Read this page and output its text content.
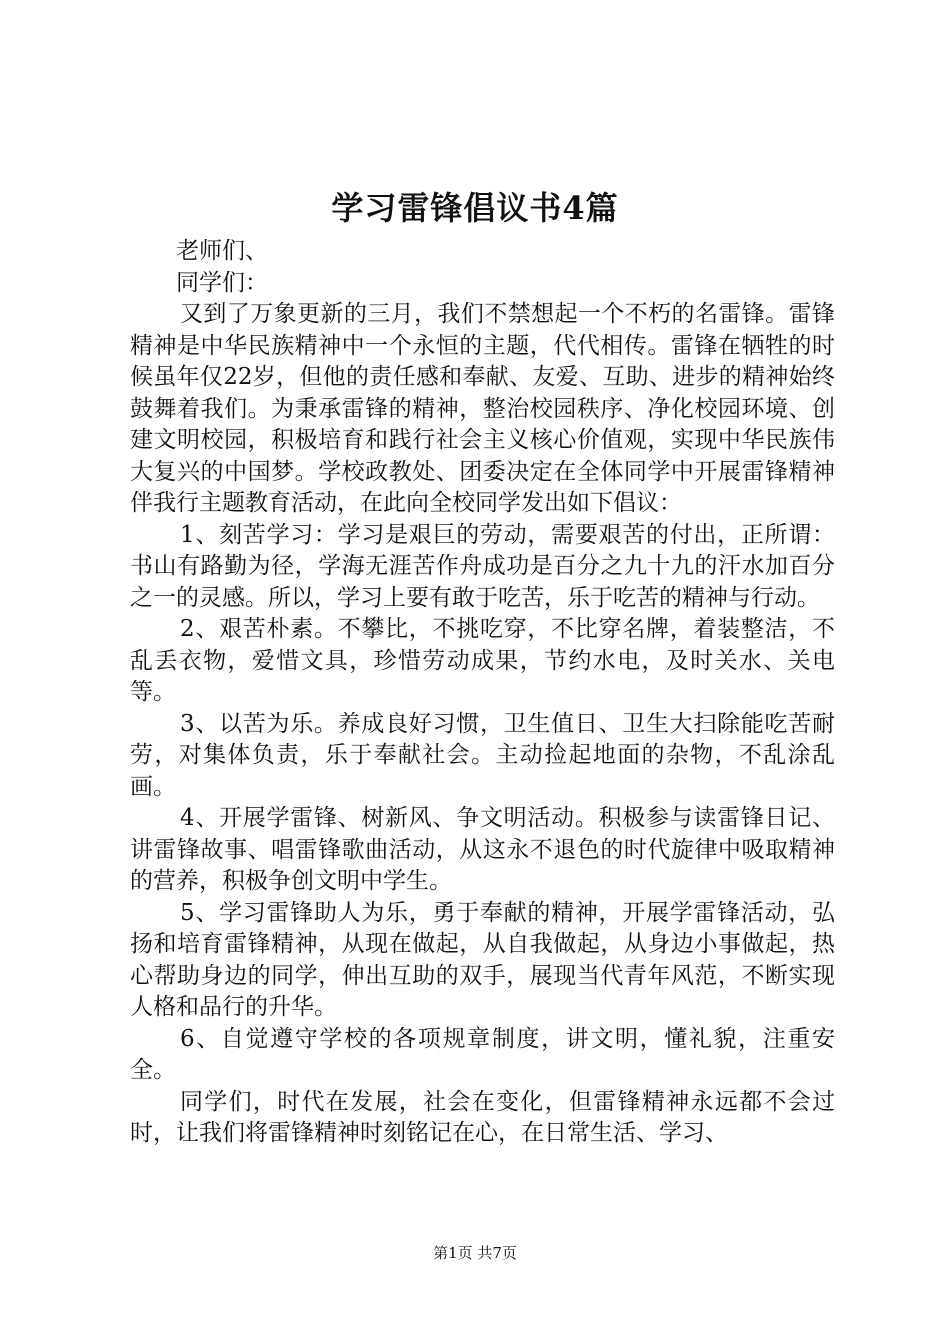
学习雷锋倡议书4篇

老师们、

同学们：

又到了万象更新的三月，我们不禁想起一个不朽的名雷锋。雷锋精神是中华民族精神中一个永恒的主题，代代相传。雷锋在牺牲的时候虽年仅22岁，但他的责任感和奉献、友爱、互助、进步的精神始终鼓舞着我们。为秉承雷锋的精神，整治校园秩序、净化校园环境、创建文明校园，积极培育和践行社会主义核心价值观，实现中华民族伟大复兴的中国梦。学校政教处、团委决定在全体同学中开展雷锋精神伴我行主题教育活动，在此向全校同学发出如下倡议：

1、刻苦学习：学习是艰巨的劳动，需要艰苦的付出，正所谓：书山有路勤为径，学海无涯苦作舟成功是百分之九十九的汗水加百分之一的灵感。所以，学习上要有敢于吃苦，乐于吃苦的精神与行动。

2、艰苦朴素。不攀比，不挑吃穿，不比穿名牌，着装整洁，不乱丢衣物，爱惜文具，珍惜劳动成果，节约水电，及时关水、关电等。

3、以苦为乐。养成良好习惯，卫生值日、卫生大扫除能吃苦耐劳，对集体负责，乐于奉献社会。主动捡起地面的杂物，不乱涂乱画。

4、开展学雷锋、树新风、争文明活动。积极参与读雷锋日记、讲雷锋故事、唱雷锋歌曲活动，从这永不退色的时代旋律中吸取精神的营养，积极争创文明中学生。

5、学习雷锋助人为乐，勇于奉献的精神，开展学雷锋活动，弘扬和培育雷锋精神，从现在做起，从自我做起，从身边小事做起，热心帮助身边的同学，伸出互助的双手，展现当代青年风范，不断实现人格和品行的升华。

6、自觉遵守学校的各项规章制度，讲文明，懂礼貌，注重安全。

同学们，时代在发展，社会在变化，但雷锋精神永远都不会过时，让我们将雷锋精神时刻铭记在心，在日常生活、学习、

第1页 共7页
